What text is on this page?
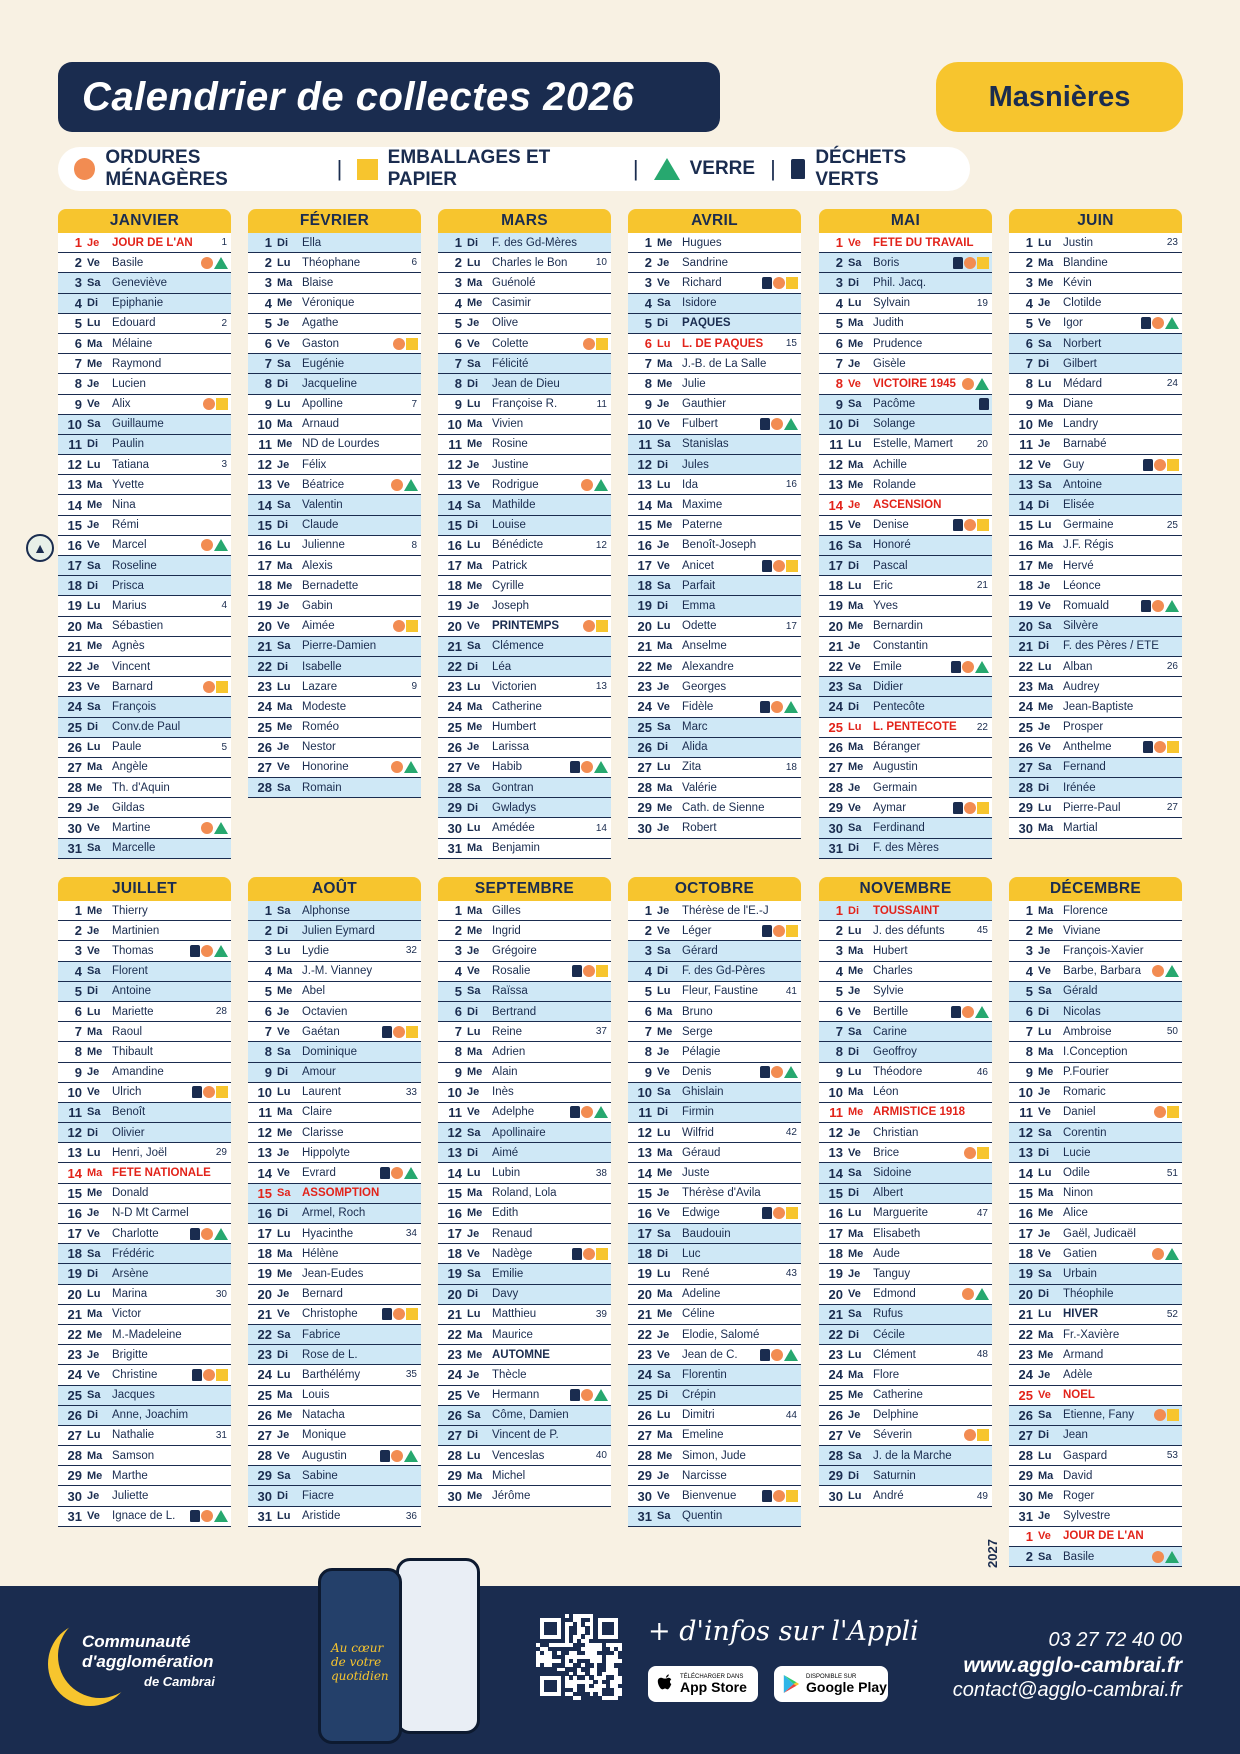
Calendrier de collectes 2026	Masnières
ORDURES MÉNAGÈRES	| EMBALLAGES ET PAPIER	|	VERRE | DÉCHETS VERTS
JANVIER
1 Je	JOUR DE L'AN	1
2 Ve	Basile
3 Sa	Geneviève
4 Di	Épiphanie
5 Lu	Edouard	2
6 Ma Mélaine
7 Me Raymond
8 Je	Lucien
9 Ve	Alix
10 Sa	Guillaume
11 Di	Paulin
12 Lu	Tatiana	3
13 Ma Yvette
14 Me Nina
15 Je	Rémi
16 Ve	Marcel
17 Sa	Roseline
18 Di	Prisca
19 Lu	Marius	4
20 Ma Sébastien
21 Me Agnès
22 Je	Vincent
23 Ve	Barnard
24 Sa	François
25 Di	Conv.de Paul
26 Lu	Paule	5
27 Ma Angèle
28 Me Th. d'Aquin
29 Je	Gildas
30 Ve	Martine
31 Sa	Marcelle
FÉVRIER
1 Di	Ella
2 Lu	Théophane	6
3 Ma Blaise
4 Me Véronique
5 Je	Agathe
6 Ve	Gaston
7 Sa	Eugénie
8 Di	Jacqueline
9 Lu	Apolline	7
10 Ma Arnaud
11 Me ND de Lourdes
12 Je	Félix
13 Ve	Béatrice
14 Sa	Valentin
15 Di	Claude
16 Lu	Julienne	8
17 Ma Alexis
18 Me Bernadette
19 Je	Gabin
20 Ve	Aimée
21 Sa	Pierre-Damien
22 Di	Isabelle
23 Lu	Lazare	9
24 Ma Modeste
25 Me Roméo
26 Je	Nestor
27 Ve	Honorine
28 Sa	Romain
MARS
1 Di	F. des Gd-Mères
2 Lu	Charles le Bon	10
3 Ma Guénolé
4 Me Casimir
5 Je	Olive
6 Ve	Colette
7 Sa	Félicité
8 Di	Jean de Dieu
9 Lu	Françoise R.	11
10 Ma Vivien
11 Me Rosine
12 Je	Justine
13 Ve	Rodrigue
14 Sa	Mathilde
15 Di	Louise
16 Lu	Bénédicte	12
17 Ma Patrick
18 Me Cyrille
19 Je	Joseph
20 Ve	PRINTEMPS
21 Sa	Clémence
22 Di	Léa
23 Lu	Victorien	13
24 Ma Catherine
25 Me Humbert
26 Je	Larissa
27 Ve	Habib
28 Sa	Gontran
29 Di	Gwladys
30 Lu	Amédée	14
31 Ma Benjamin
AVRIL
1 Me Hugues
2 Je	Sandrine
3 Ve	Richard
4 Sa	Isidore
5 Di	PÂQUES
6 Lu	L. DE PÂQUES	15
7 Ma J.-B. de La Salle
8 Me Julie
9 Je	Gauthier
10 Ve	Fulbert
11 Sa	Stanislas
12 Di	Jules
13 Lu	Ida	16
14 Ma Maxime
15 Me Paterne
16 Je	Benoît-Joseph
17 Ve	Anicet
18 Sa	Parfait
19 Di	Emma
20 Lu	Odette	17
21 Ma Anselme
22 Me Alexandre
23 Je	Georges
24 Ve	Fidèle
25 Sa	Marc
26 Di	Alida
27 Lu	Zita	18
28 Ma Valérie
29 Me Cath. de Sienne
30 Je	Robert
MAI
1 Ve	FÊTE DU TRAVAIL
2 Sa	Boris
3 Di	Phil. Jacq.
4 Lu	Sylvain	19
5 Ma Judith
6 Me Prudence
7 Je	Gisèle
8 Ve	VICTOIRE 1945
9 Sa	Pacôme
10 Di	Solange
11 Lu	Estelle, Mamert	20
12 Ma Achille
13 Me Rolande
14 Je	ASCENSION
15 Ve	Denise
16 Sa	Honoré
17 Di	Pascal
18 Lu	Éric	21
19 Ma Yves
20 Me Bernardin
21 Je	Constantin
22 Ve	Émile
23 Sa	Didier
24 Di	Pentecôte
25 Lu	L. PENTECÔTE	22
26 Ma Béranger
27 Me Augustin
28 Je	Germain
29 Ve	Aymar
30 Sa	Ferdinand
31 Di	F. des Mères
JUIN
1 Lu	Justin	23
2 Ma Blandine
3 Me Kévin
4 Je	Clotilde
5 Ve	Igor
6 Sa	Norbert
7 Di	Gilbert
8 Lu	Médard	24
9 Ma Diane
10 Me Landry
11 Je	Barnabé
12 Ve	Guy
13 Sa	Antoine
14 Di	Élisée
15 Lu	Germaine	25
16 Ma J.F. Régis
17 Me Hervé
18 Je	Léonce
19 Ve	Romuald
20 Sa	Silvère
21 Di	F. des Pères / ÉTÉ
22 Lu	Alban	26
23 Ma Audrey
24 Me Jean-Baptiste
25 Je	Prosper
26 Ve	Anthelme
27 Sa	Fernand
28 Di	Irénée
29 Lu	Pierre-Paul	27
30 Ma Martial
JUILLET
1 Me Thierry
2 Je	Martinien
3 Ve	Thomas
4 Sa	Florent
5 Di	Antoine
6 Lu	Mariette	28
7 Ma Raoul
8 Me Thibault
9 Je	Amandine
10 Ve	Ulrich
11 Sa	Benoît
12 Di	Olivier
13 Lu	Henri, Joël	29
14 Ma FÊTE NATIONALE
15 Me Donald
16 Je	N-D Mt Carmel
17 Ve	Charlotte
18 Sa	Frédéric
19 Di	Arsène
20 Lu	Marina	30
21 Ma Victor
22 Me M.-Madeleine
23 Je	Brigitte
24 Ve	Christine
25 Sa	Jacques
26 Di	Anne, Joachim
27 Lu	Nathalie	31
28 Ma Samson
29 Me Marthe
30 Je	Juliette
31 Ve	Ignace de L.
AOÛT
1 Sa	Alphonse
2 Di	Julien Eymard
3 Lu	Lydie	32
4 Ma J.-M. Vianney
5 Me Abel
6 Je	Octavien
7 Ve	Gaétan
8 Sa	Dominique
9 Di	Amour
10 Lu	Laurent	33
11 Ma Claire
12 Me Clarisse
13 Je	Hippolyte
14 Ve	Evrard
15 Sa	ASSOMPTION
16 Di	Armel, Roch
17 Lu	Hyacinthe	34
18 Ma Hélène
19 Me Jean-Eudes
20 Je	Bernard
21 Ve	Christophe
22 Sa	Fabrice
23 Di	Rose de L.
24 Lu	Barthélémy	35
25 Ma Louis
26 Me Natacha
27 Je	Monique
28 Ve	Augustin
29 Sa	Sabine
30 Di	Fiacre
31 Lu	Aristide	36
SEPTEMBRE
1 Ma Gilles
2 Me Ingrid
3 Je	Grégoire
4 Ve	Rosalie
5 Sa	Raïssa
6 Di	Bertrand
7 Lu	Reine	37
8 Ma Adrien
9 Me Alain
10 Je	Inès
11 Ve	Adelphe
12 Sa	Apollinaire
13 Di	Aimé
14 Lu	Lubin	38
15 Ma Roland, Lola
16 Me Edith
17 Je	Renaud
18 Ve	Nadège
19 Sa	Emilie
20 Di	Davy
21 Lu	Matthieu	39
22 Ma Maurice
23 Me AUTOMNE
24 Je	Thècle
25 Ve	Hermann
26 Sa	Côme, Damien
27 Di	Vincent de P.
28 Lu	Venceslas	40
29 Ma Michel
30 Me Jérôme
OCTOBRE
1 Je	Thérèse de l'E.-J
2 Ve	Léger
3 Sa	Gérard
4 Di	F. des Gd-Pères
5 Lu	Fleur, Faustine	41
6 Ma Bruno
7 Me Serge
8 Je	Pélagie
9 Ve	Denis
10 Sa	Ghislain
11 Di	Firmin
12 Lu	Wilfrid	42
13 Ma Géraud
14 Me Juste
15 Je	Thérèse d'Avila
16 Ve	Edwige
17 Sa	Baudouin
18 Di	Luc
19 Lu	René	43
20 Ma Adeline
21 Me Céline
22 Je	Élodie, Salomé
23 Ve	Jean de C.
24 Sa	Florentin
25 Di	Crépin
26 Lu	Dimitri	44
27 Ma Émeline
28 Me Simon, Jude
29 Je	Narcisse
30 Ve	Bienvenue
31 Sa	Quentin
NOVEMBRE
1 Di	TOUSSAINT
2 Lu	J. des défunts	45
3 Ma Hubert
4 Me Charles
5 Je	Sylvie
6 Ve	Bertille
7 Sa	Carine
8 Di	Geoffroy
9 Lu	Théodore	46
10 Ma Léon
11 Me ARMISTICE 1918
12 Je	Christian
13 Ve	Brice
14 Sa	Sidoine
15 Di	Albert
16 Lu	Marguerite	47
17 Ma Elisabeth
18 Me Aude
19 Je	Tanguy
20 Ve	Edmond
21 Sa	Rufus
22 Di	Cécile
23 Lu	Clément	48
24 Ma Flore
25 Me Catherine
26 Je	Delphine
27 Ve	Séverin
28 Sa	J. de la Marche
29 Di	Saturnin
30 Lu	André	49
DÉCEMBRE
1 Ma Florence
2 Me Viviane
3 Je	François-Xavier
4 Ve	Barbe, Barbara
5 Sa	Gérald
6 Di	Nicolas
7 Lu	Ambroise	50
8 Ma I.Conception
9 Me P.Fourier
10 Je	Romaric
11 Ve	Daniel
12 Sa	Corentin
13 Di	Lucie
14 Lu	Odile	51
15 Ma Ninon
16 Me Alice
17 Je	Gaël, Judicaël
18 Ve	Gatien
19 Sa	Urbain
20 Di	Théophile
21 Lu	HIVER	52
22 Ma Fr.-Xavière
23 Me Armand
24 Je	Adèle
25 Ve	NOËL
26 Sa	Etienne, Fany
27 Di	Jean
28 Lu	Gaspard	53
29 Ma David
30 Me Roger
31 Je	Sylvestre
1 Ve	JOUR DE L'AN
2 Sa	Basile
▲
2027
Communauté
d'agglomération

de Cambrai
Au cœur de votre quotidien
+ d'infos sur l'Appli
TÉLÉCHARGER DANS
App Store
DISPONIBLE SUR
Google Play
03 27 72 40 00
www.agglo-cambrai.fr
contact@agglo-cambrai.fr
